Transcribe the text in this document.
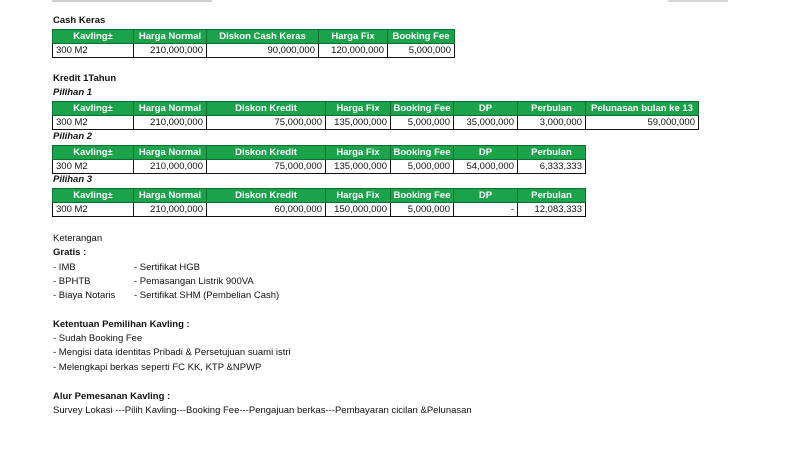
Cash Keras
Kavling±	Harga Normal	Diskon Cash Keras	Harga Fix	Booking Fee
300 M2	210,000,000	90,000,000	120,000,000	5,000,000
Kredit 1Tahun
Pilihan 1
Kavling±	Harga Normal	Diskon Kredit	Harga Fix	Booking Fee	DP	Perbulan	Pelunasan bulan ke 13
300 M2	210,000,000	75,000,000	135,000,000	5,000,000	35,000,000	3,000,000	59,000,000
Pilihan 2
Kavling±	Harga Normal	Diskon Kredit	Harga Fix	Booking Fee	DP	Perbulan
300 M2	210,000,000	75,000,000	135,000,000	5,000,000	54,000,000	6,333,333
Pilihan 3
Kavling±	Harga Normal	Diskon Kredit	Harga Fix	Booking Fee	DP	Perbulan
300 M2	210,000,000	60,000,000	150,000,000	5,000,000	-	12,083,333
Keterangan
Gratis :
- IMB
- BPHTB
- Biaya Notaris
- Sertifikat HGB
- Pemasangan Listrik 900VA
- Sertifikat SHM (Pembelian Cash)
Ketentuan Pemilihan Kavling :
- Sudah Booking Fee
- Mengisi data identitas Pribadi & Persetujuan suami istri
- Melengkapi berkas seperti FC KK, KTP &NPWP
Alur Pemesanan Kavling :
Survey Lokasi ---Pilih Kavling---Booking Fee---Pengajuan berkas---Pembayaran cicilan &Pelunasan
